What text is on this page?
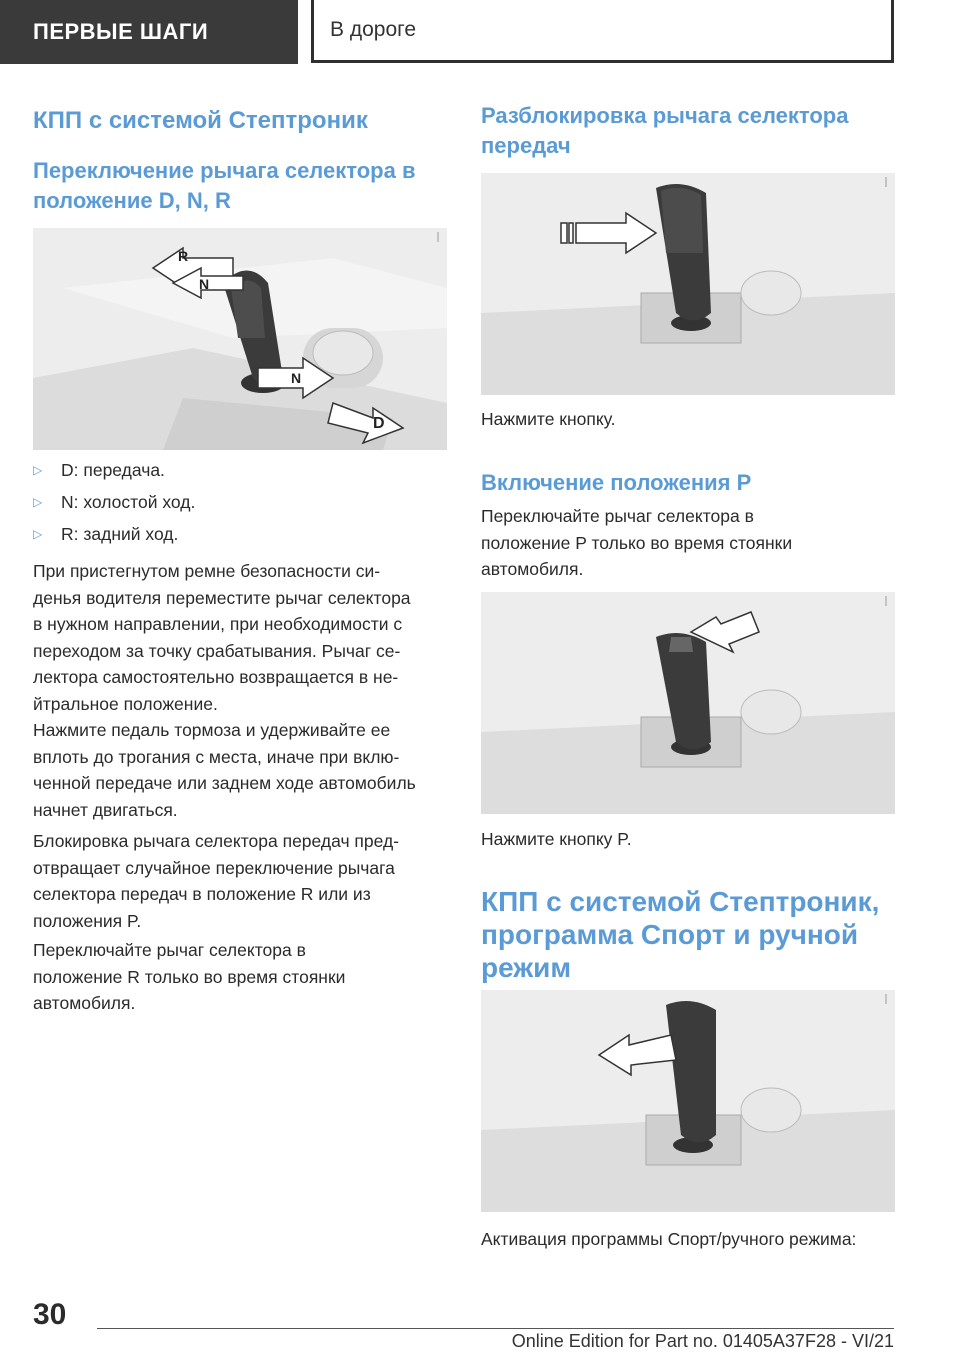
ПЕРВЫЕ ШАГИ	В дороге
КПП с системой Стептроник
Переключение рычага селектора в положение D, N, R
R
N
N
D
▷	D: передача.
▷	N: холостой ход.
▷	R: задний ход.

При пристегнутом ремне безопасности си-
денья водителя переместите рычаг селектора
в нужном направлении, при необходимости с
переходом за точку срабатывания. Рычаг се-
лектора самостоятельно возвращается в не-
йтральное положение.

Нажмите педаль тормоза и удерживайте ее
вплоть до трогания с места, иначе при вклю-
ченной передаче или заднем ходе автомобиль
начнет двигаться.

Блокировка рычага селектора передач пред-
отвращает случайное переключение рычага
селектора передач в положение R или из
положения P.

Переключайте рычаг селектора в
положение R только во время стоянки
автомобиля.

Разблокировка рычага селектора передач

Нажмите кнопку.

Включение положения P

Переключайте рычаг селектора в
положение P только во время стоянки
автомобиля.

Нажмите кнопку P.

КПП с системой Стептроник,
программа Спорт и ручной
режим

Активация программы Спорт/ручного режима:

30
Online Edition for Part no. 01405A37F28 - VI/21
